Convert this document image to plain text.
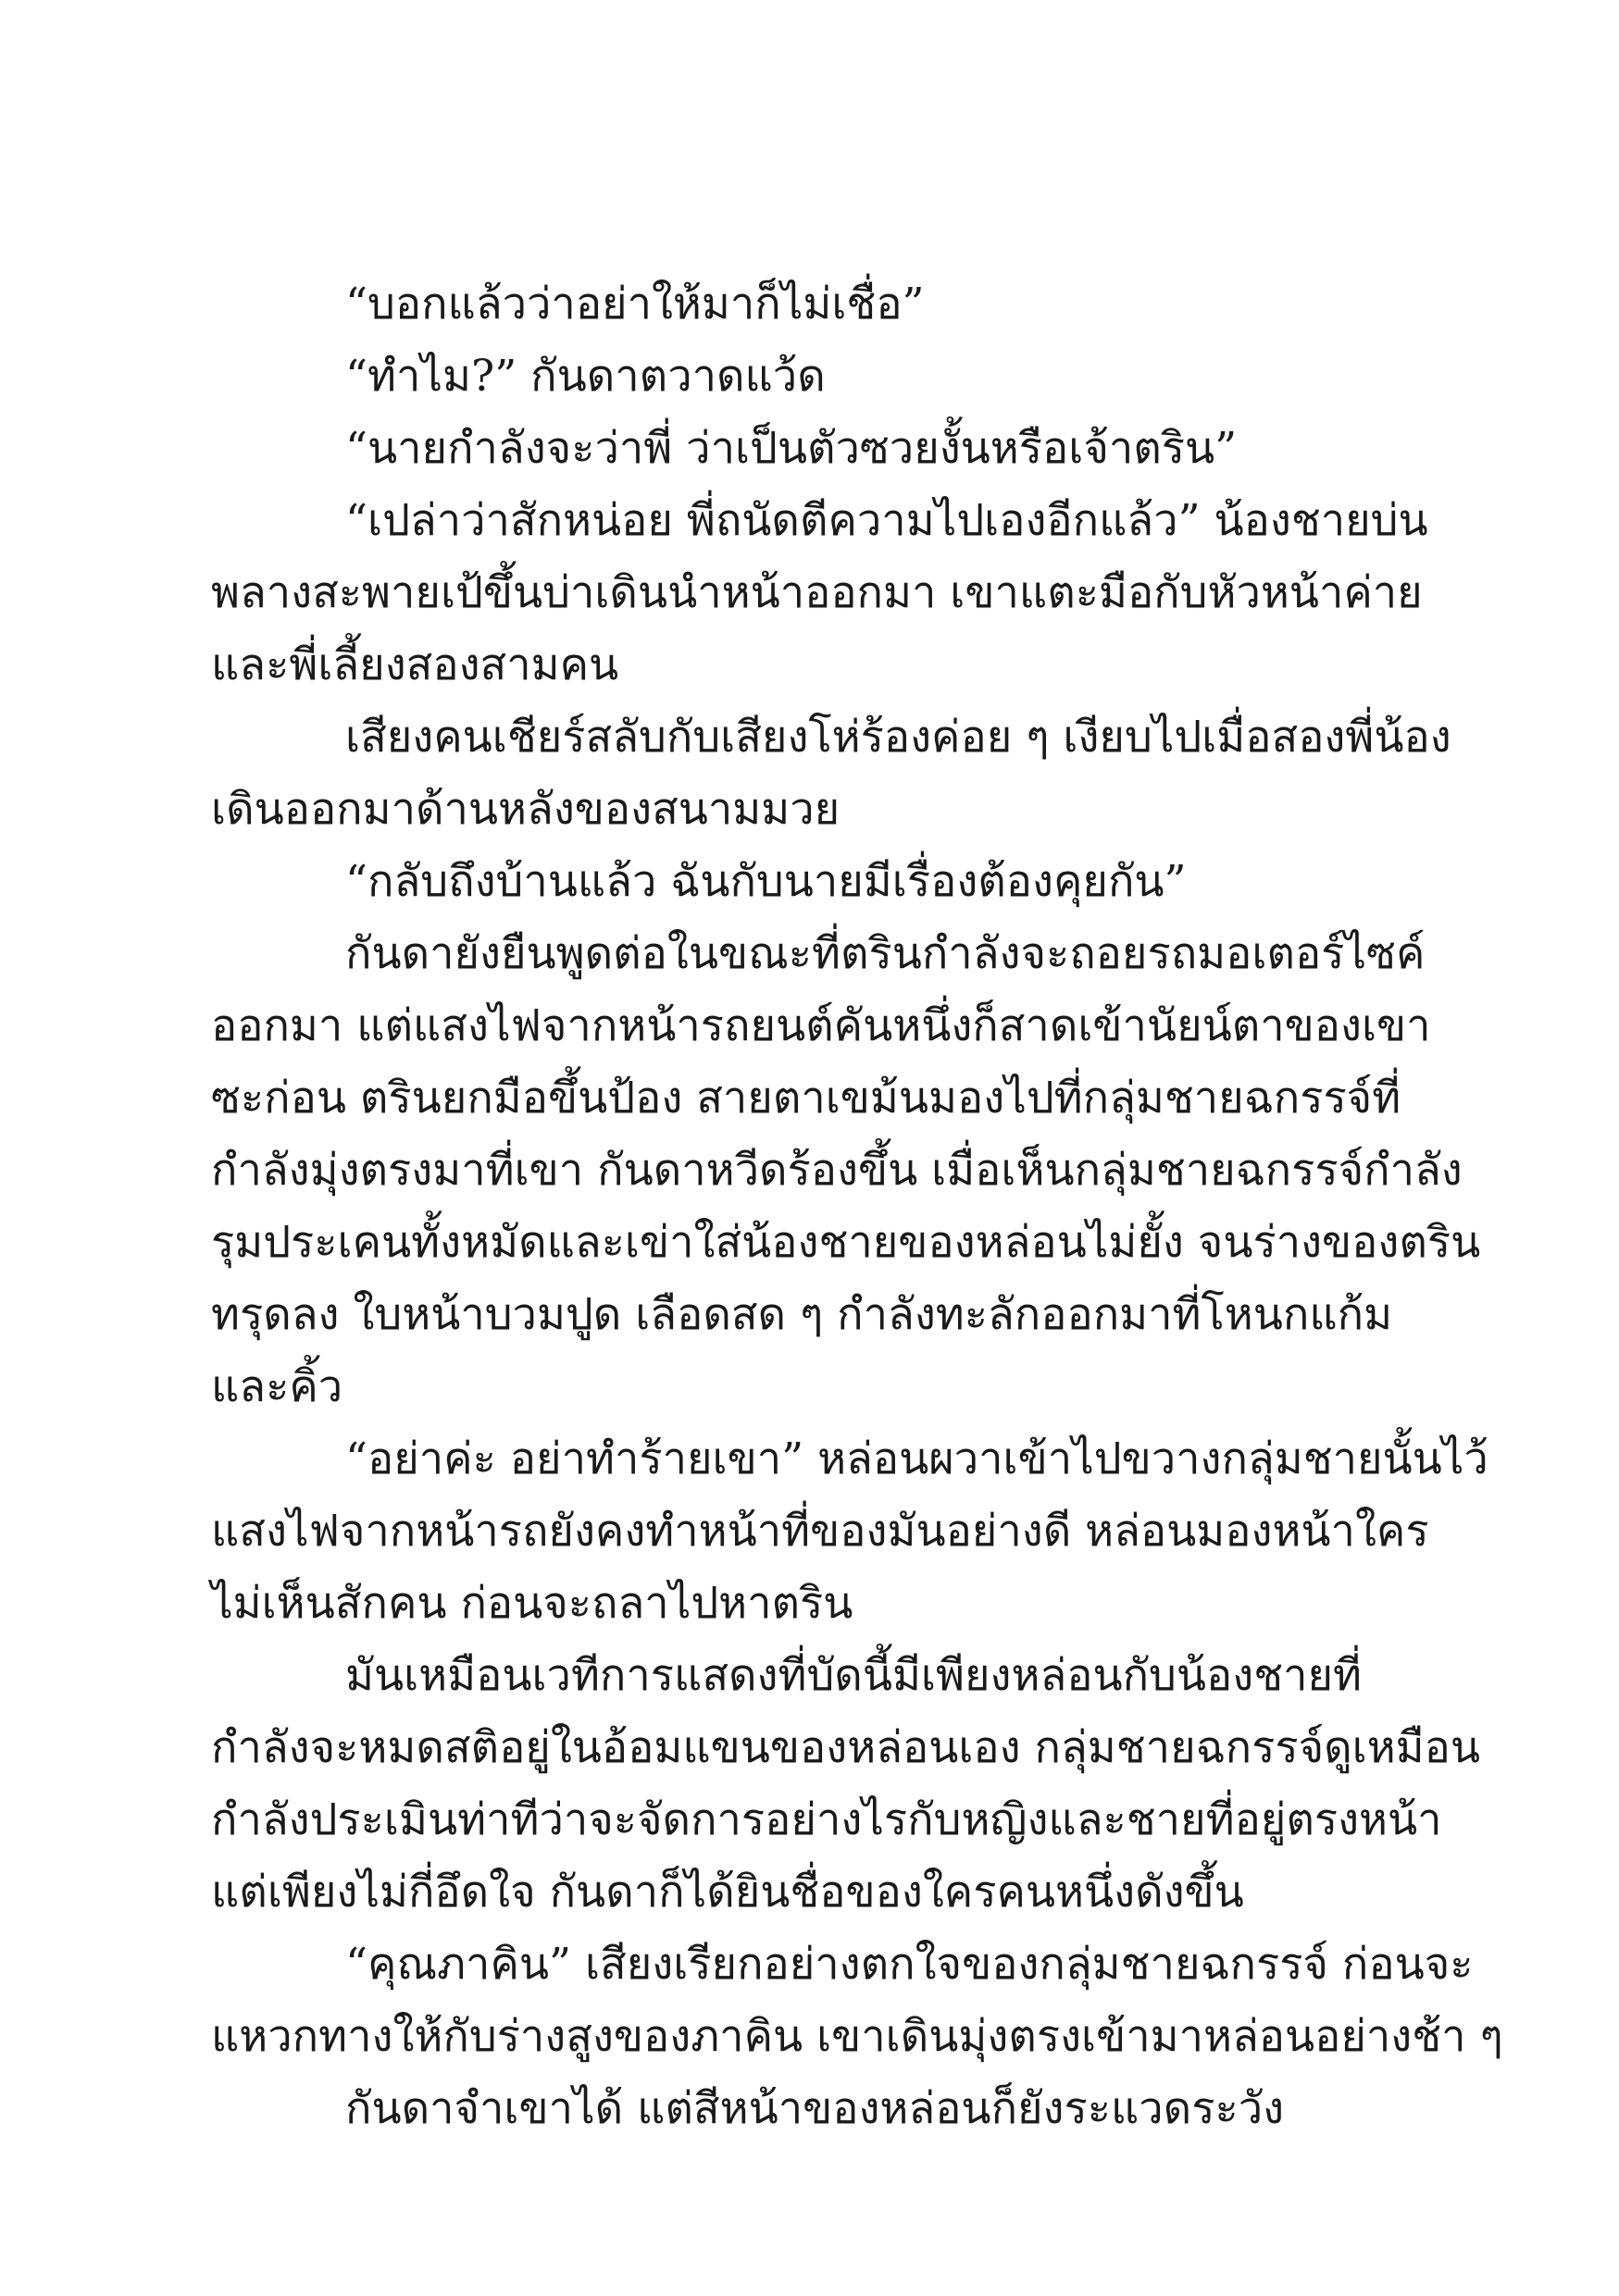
“บอกแล้วว่าอย่าให้มาก็ไม่เชื่อ”
“ทำไม?” กันดาตวาดแว้ด
“นายกำลังจะว่าพี่ ว่าเป็นตัวซวยงั้นหรือเจ้าตริน”
“เปล่าว่าสักหน่อย พี่ถนัดตีความไปเองอีกแล้ว” น้องชายบ่น
พลางสะพายเป้ขึ้นบ่าเดินนำหน้าออกมา เขาแตะมือกับหัวหน้าค่าย
และพี่เลี้ยงสองสามคน
เสียงคนเชียร์สลับกับเสียงโห่ร้องค่อย ๆ เงียบไปเมื่อสองพี่น้อง
เดินออกมาด้านหลังของสนามมวย
“กลับถึงบ้านแล้ว ฉันกับนายมีเรื่องต้องคุยกัน”
กันดายังยืนพูดต่อในขณะที่ตรินกำลังจะถอยรถมอเตอร์ไซค์
ออกมา แต่แสงไฟจากหน้ารถยนต์คันหนึ่งก็สาดเข้านัยน์ตาของเขา
ซะก่อน ตรินยกมือขึ้นป้อง สายตาเขม้นมองไปที่กลุ่มชายฉกรรจ์ที่
กำลังมุ่งตรงมาที่เขา กันดาหวีดร้องขึ้น เมื่อเห็นกลุ่มชายฉกรรจ์กำลัง
รุมประเคนทั้งหมัดและเข่าใส่น้องชายของหล่อนไม่ยั้ง จนร่างของตริน
ทรุดลง ใบหน้าบวมปูด เลือดสด ๆ กำลังทะลักออกมาที่โหนกแก้ม
และคิ้ว
“อย่าค่ะ อย่าทำร้ายเขา” หล่อนผวาเข้าไปขวางกลุ่มชายนั้นไว้
แสงไฟจากหน้ารถยังคงทำหน้าที่ของมันอย่างดี หล่อนมองหน้าใคร
ไม่เห็นสักคน ก่อนจะถลาไปหาตริน
มันเหมือนเวทีการแสดงที่บัดนี้มีเพียงหล่อนกับน้องชายที่
กำลังจะหมดสติอยู่ในอ้อมแขนของหล่อนเอง กลุ่มชายฉกรรจ์ดูเหมือน
กำลังประเมินท่าทีว่าจะจัดการอย่างไรกับหญิงและชายที่อยู่ตรงหน้า
แต่เพียงไม่กี่อึดใจ กันดาก็ได้ยินชื่อของใครคนหนึ่งดังขึ้น
“คุณภาคิน” เสียงเรียกอย่างตกใจของกลุ่มชายฉกรรจ์ ก่อนจะ
แหวกทางให้กับร่างสูงของภาคิน เขาเดินมุ่งตรงเข้ามาหล่อนอย่างช้า ๆ
กันดาจำเขาได้ แต่สีหน้าของหล่อนก็ยังระแวดระวัง
